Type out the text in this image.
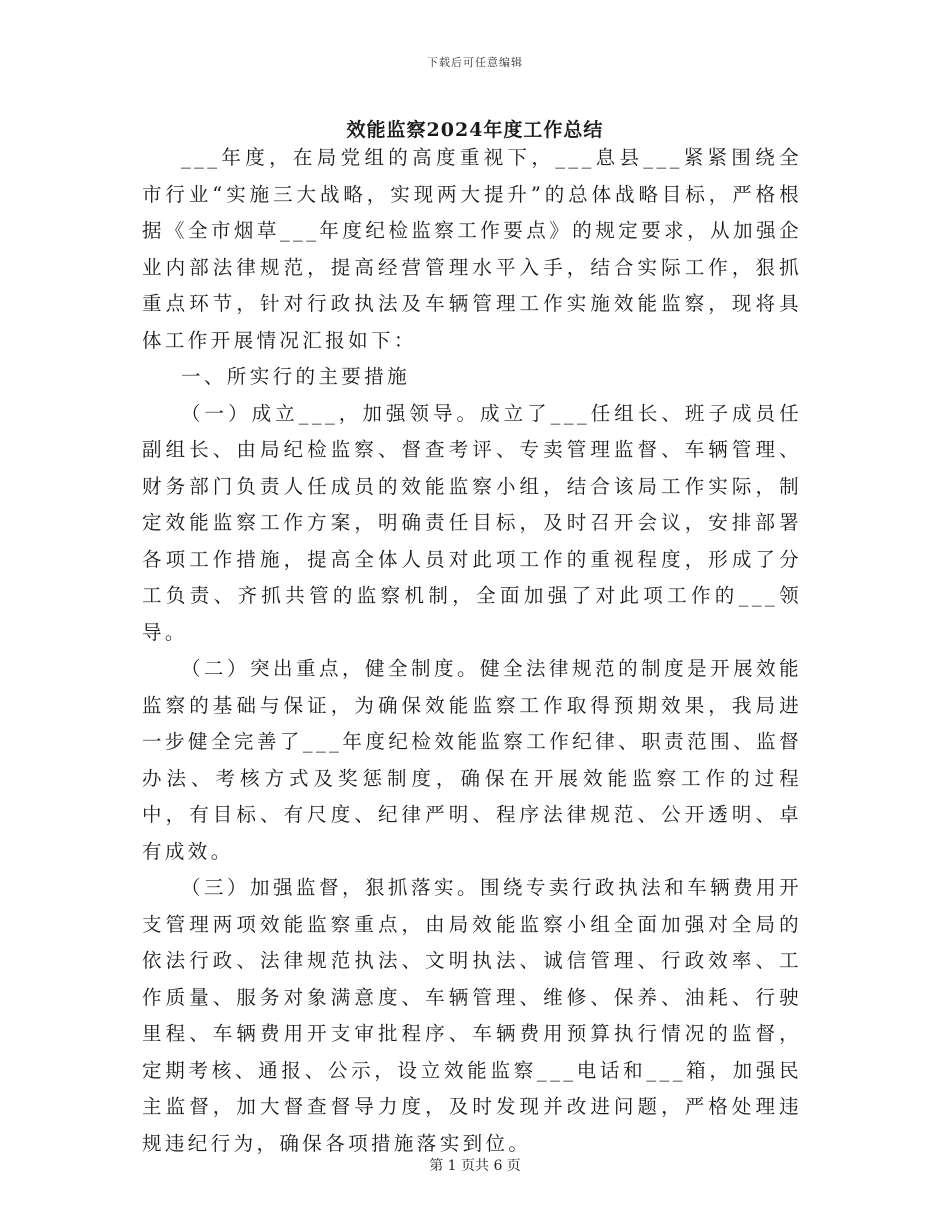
下载后可任意编辑
效能监察2024年度工作总结

___年度，在局党组的高度重视下，___息县___紧紧围绕全市行业“实施三大战略，实现两大提升”的总体战略目标，严格根据《全市烟草___年度纪检监察工作要点》的规定要求，从加强企业内部法律规范，提高经营管理水平入手，结合实际工作，狠抓重点环节，针对行政执法及车辆管理工作实施效能监察，现将具体工作开展情况汇报如下：

一、所实行的主要措施

（一）成立___，加强领导。成立了___任组长、班子成员任副组长、由局纪检监察、督查考评、专卖管理监督、车辆管理、财务部门负责人任成员的效能监察小组，结合该局工作实际，制定效能监察工作方案，明确责任目标，及时召开会议，安排部署各项工作措施，提高全体人员对此项工作的重视程度，形成了分工负责、齐抓共管的监察机制，全面加强了对此项工作的___领导。

（二）突出重点，健全制度。健全法律规范的制度是开展效能监察的基础与保证，为确保效能监察工作取得预期效果，我局进一步健全完善了___年度纪检效能监察工作纪律、职责范围、监督办法、考核方式及奖惩制度，确保在开展效能监察工作的过程中，有目标、有尺度、纪律严明、程序法律规范、公开透明、卓有成效。

（三）加强监督，狠抓落实。围绕专卖行政执法和车辆费用开支管理两项效能监察重点，由局效能监察小组全面加强对全局的依法行政、法律规范执法、文明执法、诚信管理、行政效率、工作质量、服务对象满意度、车辆管理、维修、保养、油耗、行驶里程、车辆费用开支审批程序、车辆费用预算执行情况的监督，定期考核、通报、公示，设立效能监察___电话和___箱，加强民主监督，加大督查督导力度，及时发现并改进问题，严格处理违规违纪行为，确保各项措施落实到位。

第 1 页共 6 页
